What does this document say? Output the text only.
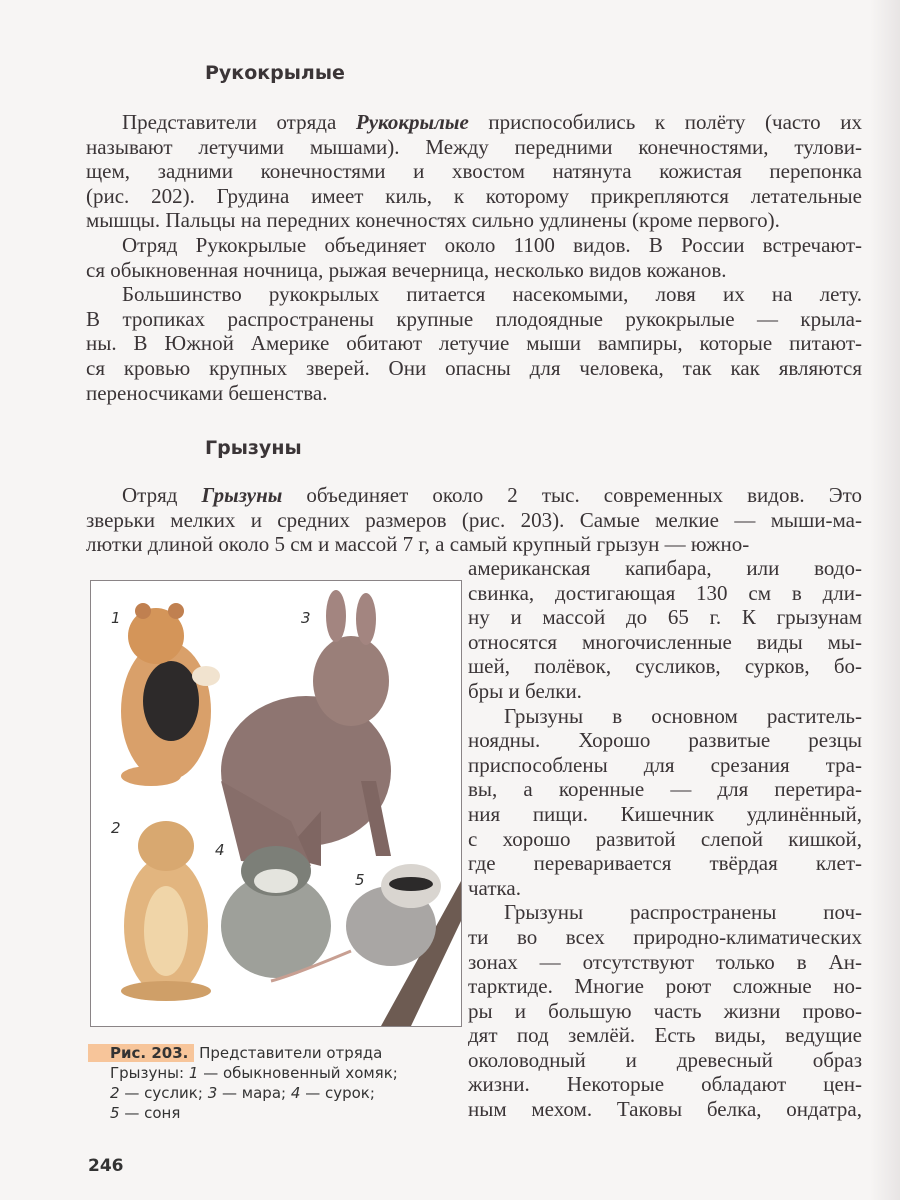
Рукокрылые
Представители отряда Рукокрылые приспособились к полёту (часто их
называют летучими мышами). Между передними конечностями, тулови-
щем, задними конечностями и хвостом натянута кожистая перепонка
(рис. 202). Грудина имеет киль, к которому прикрепляются летательные
мышцы. Пальцы на передних конечностях сильно удлинены (кроме первого).
Отряд Рукокрылые объединяет около 1100 видов. В России встречают-
ся обыкновенная ночница, рыжая вечерница, несколько видов кожанов.
Большинство рукокрылых питается насекомыми, ловя их на лету.
В тропиках распространены крупные плодоядные рукокрылые — крыла-
ны. В Южной Америке обитают летучие мыши вампиры, которые питают-
ся кровью крупных зверей. Они опасны для человека, так как являются
переносчиками бешенства.
Грызуны
Отряд Грызуны объединяет около 2 тыс. современных видов. Это
зверьки мелких и средних размеров (рис. 203). Самые мелкие — мыши-ма-
лютки длиной около 5 см и массой 7 г, а самый крупный грызун — южно-
американская капибара, или водо-
свинка, достигающая 130 см в дли-
ну и массой до 65 г. К грызунам
относятся многочисленные виды мы-
шей, полёвок, сусликов, сурков, бо-
бры и белки.
Грызуны в основном раститель-
ноядны. Хорошо развитые резцы
приспособлены для срезания тра-
вы, а коренные — для перетира-
ния пищи. Кишечник удлинённый,
с хорошо развитой слепой кишкой,
где переваривается твёрдая клет-
чатка.
Грызуны распространены поч-
ти во всех природно-климатических
зонах — отсутствуют только в Ан-
тарктиде. Многие роют сложные но-
ры и большую часть жизни прово-
дят под землёй. Есть виды, ведущие
околоводный и древесный образ
жизни. Некоторые обладают цен-
ным мехом. Таковы белка, ондатра,
1
2
3
4
5
Рис. 203. Представители отряда
Грызуны: 1 — обыкновенный хомяк;
2 — суслик; 3 — мара; 4 — сурок;
5 — соня
246
